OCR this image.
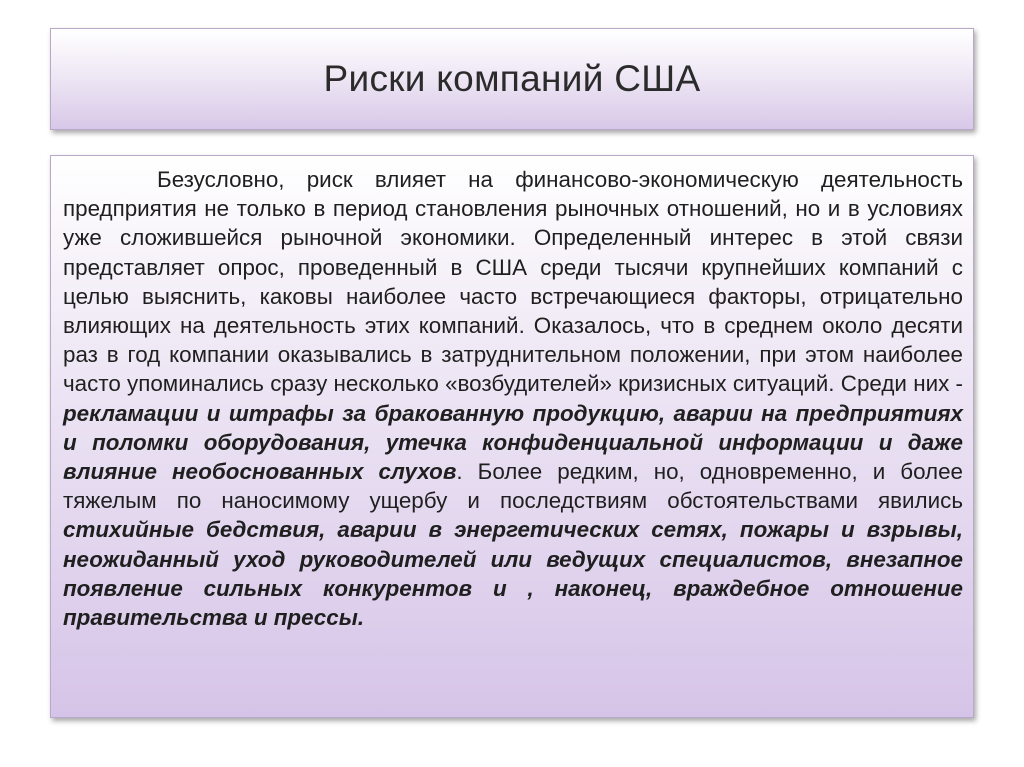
Риски компаний США

Безусловно, риск влияет на финансово-экономическую деятельность предприятия не только в период становления рыночных отношений, но и в условиях уже сложившейся рыночной экономики. Определенный интерес в этой связи представляет опрос, проведенный в США среди тысячи крупнейших компаний с целью выяснить, каковы наиболее часто встречающиеся факторы, отрицательно влияющих на деятельность этих компаний. Оказалось, что в среднем около десяти раз в год компании оказывались в затруднительном положении, при этом наиболее часто упоминались сразу несколько «возбудителей» кризисных ситуаций. Среди них - рекламации и штрафы за бракованную продукцию, аварии на предприятиях и поломки оборудования, утечка конфиденциальной информации и даже влияние необоснованных слухов. Более редким, но, одновременно, и более тяжелым по наносимому ущербу и последствиям обстоятельствами явились стихийные бедствия, аварии в энергетических сетях, пожары и взрывы, неожиданный уход руководителей или ведущих специалистов, внезапное появление сильных конкурентов и , наконец, враждебное отношение правительства и прессы.
